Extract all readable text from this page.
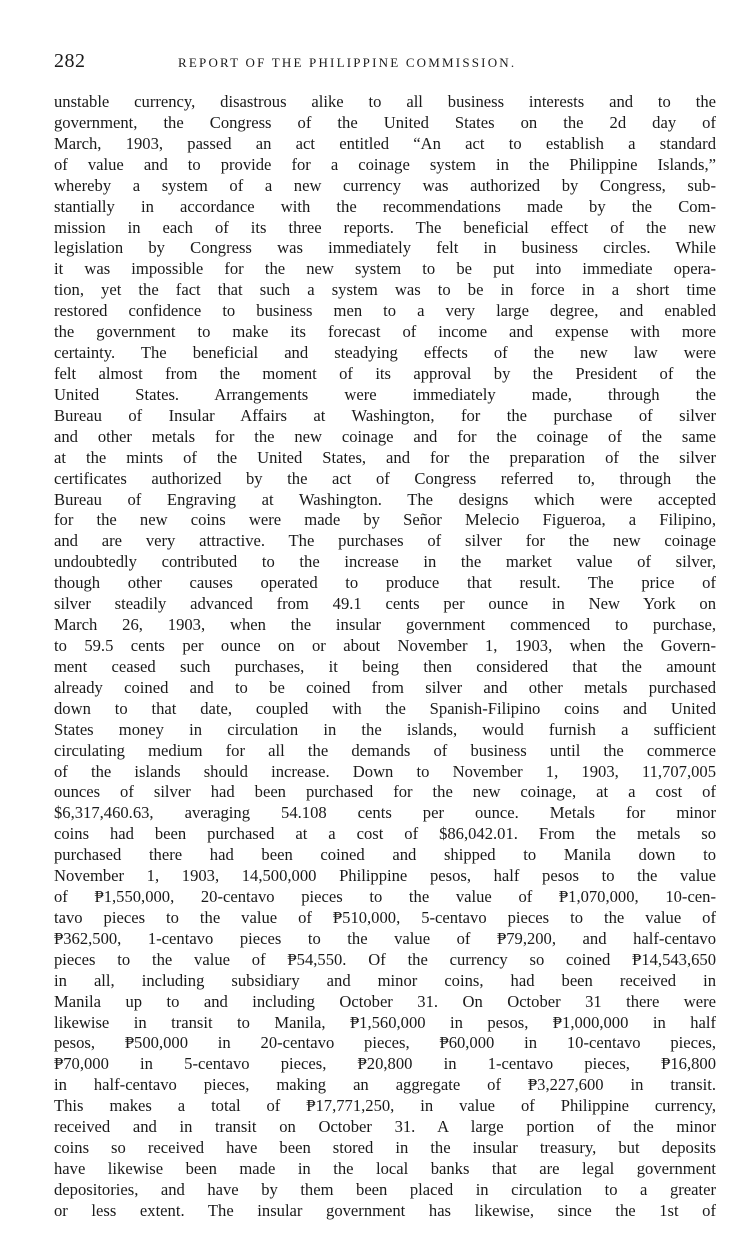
282	REPORT OF THE PHILIPPINE COMMISSION.
unstable currency, disastrous alike to all business interests and to the
government, the Congress of the United States on the 2d day of
March, 1903, passed an act entitled “An act to establish a standard
of value and to provide for a coinage system in the Philippine Islands,”
whereby a system of a new currency was authorized by Congress, sub-
stantially in accordance with the recommendations made by the Com-
mission in each of its three reports. The beneficial effect of the new
legislation by Congress was immediately felt in business circles. While
it was impossible for the new system to be put into immediate opera-
tion, yet the fact that such a system was to be in force in a short time
restored confidence to business men to a very large degree, and enabled
the government to make its forecast of income and expense with more
certainty. The beneficial and steadying effects of the new law were
felt almost from the moment of its approval by the President of the
United States. Arrangements were immediately made, through the
Bureau of Insular Affairs at Washington, for the purchase of silver
and other metals for the new coinage and for the coinage of the same
at the mints of the United States, and for the preparation of the silver
certificates authorized by the act of Congress referred to, through the
Bureau of Engraving at Washington. The designs which were accepted
for the new coins were made by Señor Melecio Figueroa, a Filipino,
and are very attractive. The purchases of silver for the new coinage
undoubtedly contributed to the increase in the market value of silver,
though other causes operated to produce that result. The price of
silver steadily advanced from 49.1 cents per ounce in New York on
March 26, 1903, when the insular government commenced to purchase,
to 59.5 cents per ounce on or about November 1, 1903, when the Govern-
ment ceased such purchases, it being then considered that the amount
already coined and to be coined from silver and other metals purchased
down to that date, coupled with the Spanish-Filipino coins and United
States money in circulation in the islands, would furnish a sufficient
circulating medium for all the demands of business until the commerce
of the islands should increase. Down to November 1, 1903, 11,707,005
ounces of silver had been purchased for the new coinage, at a cost of
$6,317,460.63, averaging 54.108 cents per ounce. Metals for minor
coins had been purchased at a cost of $86,042.01. From the metals so
purchased there had been coined and shipped to Manila down to
November 1, 1903, 14,500,000 Philippine pesos, half pesos to the value
of ₱1,550,000, 20-centavo pieces to the value of ₱1,070,000, 10-cen-
tavo pieces to the value of ₱510,000, 5-centavo pieces to the value of
₱362,500, 1-centavo pieces to the value of ₱79,200, and half-centavo
pieces to the value of ₱54,550. Of the currency so coined ₱14,543,650
in all, including subsidiary and minor coins, had been received in
Manila up to and including October 31. On October 31 there were
likewise in transit to Manila, ₱1,560,000 in pesos, ₱1,000,000 in half
pesos, ₱500,000 in 20-centavo pieces, ₱60,000 in 10-centavo pieces,
₱70,000 in 5-centavo pieces, ₱20,800 in 1-centavo pieces, ₱16,800
in half-centavo pieces, making an aggregate of ₱3,227,600 in transit.
This makes a total of ₱17,771,250, in value of Philippine currency,
received and in transit on October 31. A large portion of the minor
coins so received have been stored in the insular treasury, but deposits
have likewise been made in the local banks that are legal government
depositories, and have by them been placed in circulation to a greater
or less extent. The insular government has likewise, since the 1st of
